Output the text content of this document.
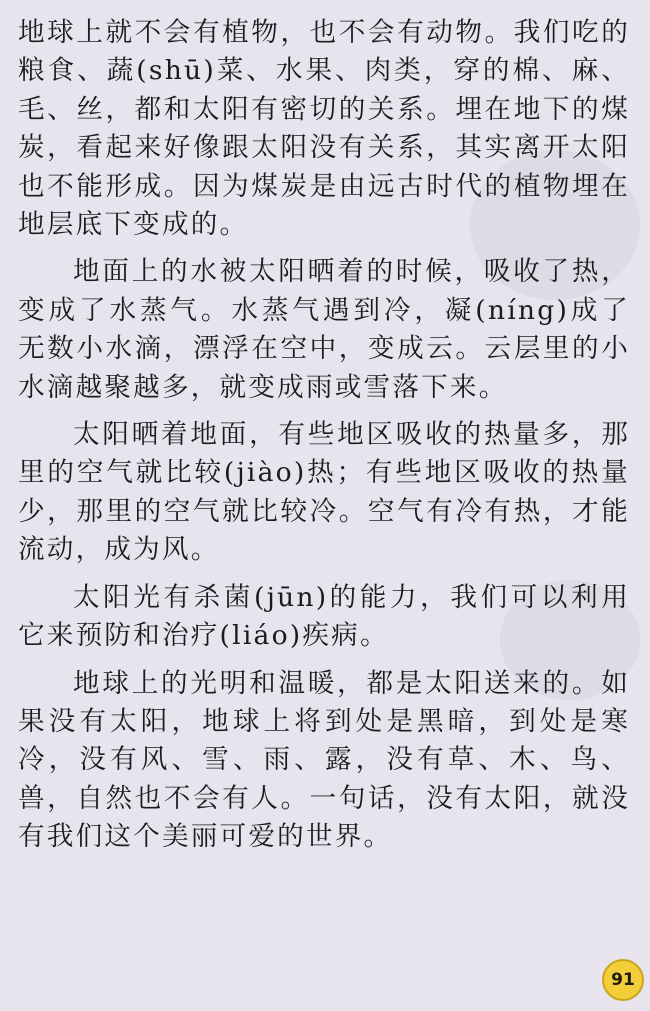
地球上就不会有植物，也不会有动物。我们吃的粮食、蔬(shū)菜、水果、肉类，穿的棉、麻、毛、丝，都和太阳有密切的关系。埋在地下的煤炭，看起来好像跟太阳没有关系，其实离开太阳也不能形成。因为煤炭是由远古时代的植物埋在地层底下变成的。

地面上的水被太阳晒着的时候，吸收了热，变成了水蒸气。水蒸气遇到冷，凝(níng)成了无数小水滴，漂浮在空中，变成云。云层里的小水滴越聚越多，就变成雨或雪落下来。

太阳晒着地面，有些地区吸收的热量多，那里的空气就比较(jiào)热；有些地区吸收的热量少，那里的空气就比较冷。空气有冷有热，才能流动，成为风。

太阳光有杀菌(jūn)的能力，我们可以利用它来预防和治疗(liáo)疾病。

地球上的光明和温暖，都是太阳送来的。如果没有太阳，地球上将到处是黑暗，到处是寒冷，没有风、雪、雨、露，没有草、木、鸟、兽，自然也不会有人。一句话，没有太阳，就没有我们这个美丽可爱的世界。

91
